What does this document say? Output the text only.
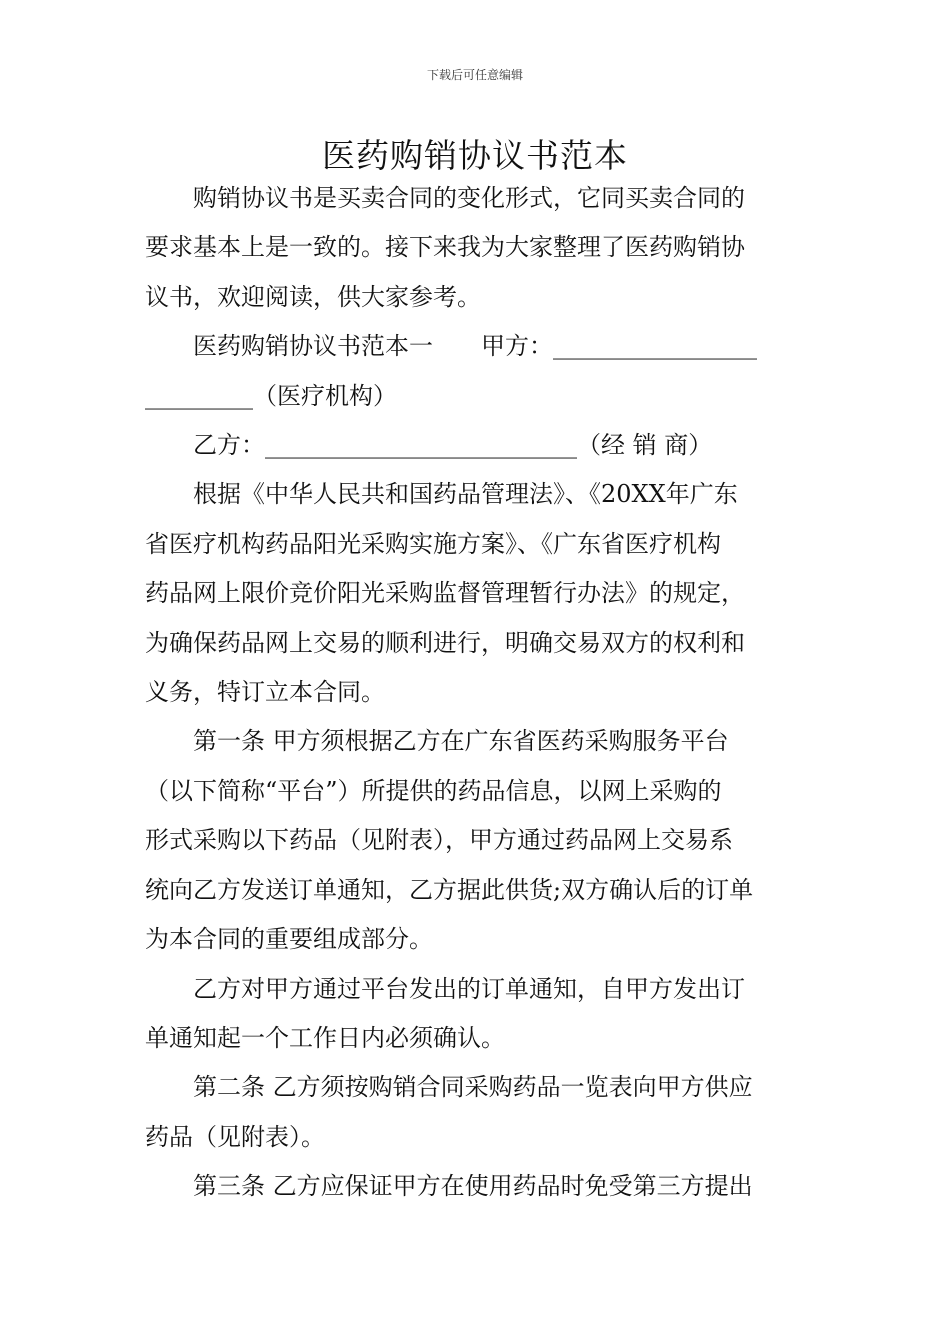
下载后可任意编辑
医药购销协议书范本
　　购销协议书是买卖合同的变化形式，它同买卖合同的
要求基本上是一致的。接下来我为大家整理了医药购销协
议书，欢迎阅读，供大家参考。
　　医药购销协议书范本一　　甲方：_________________
_________（医疗机构）
　　乙方：__________________________（经 销 商）
　　根据《中华人民共和国药品管理法》、《20XX年广东
省医疗机构药品阳光采购实施方案》、《广东省医疗机构
药品网上限价竞价阳光采购监督管理暂行办法》的规定，
为确保药品网上交易的顺利进行，明确交易双方的权利和
义务，特订立本合同。
　　第一条 甲方须根据乙方在广东省医药采购服务平台
（以下简称“平台”）所提供的药品信息，以网上采购的
形式采购以下药品（见附表），甲方通过药品网上交易系
统向乙方发送订单通知，乙方据此供货;双方确认后的订单
为本合同的重要组成部分。
　　乙方对甲方通过平台发出的订单通知，自甲方发出订
单通知起一个工作日内必须确认。
　　第二条 乙方须按购销合同采购药品一览表向甲方供应
药品（见附表）。
　　第三条 乙方应保证甲方在使用药品时免受第三方提出
